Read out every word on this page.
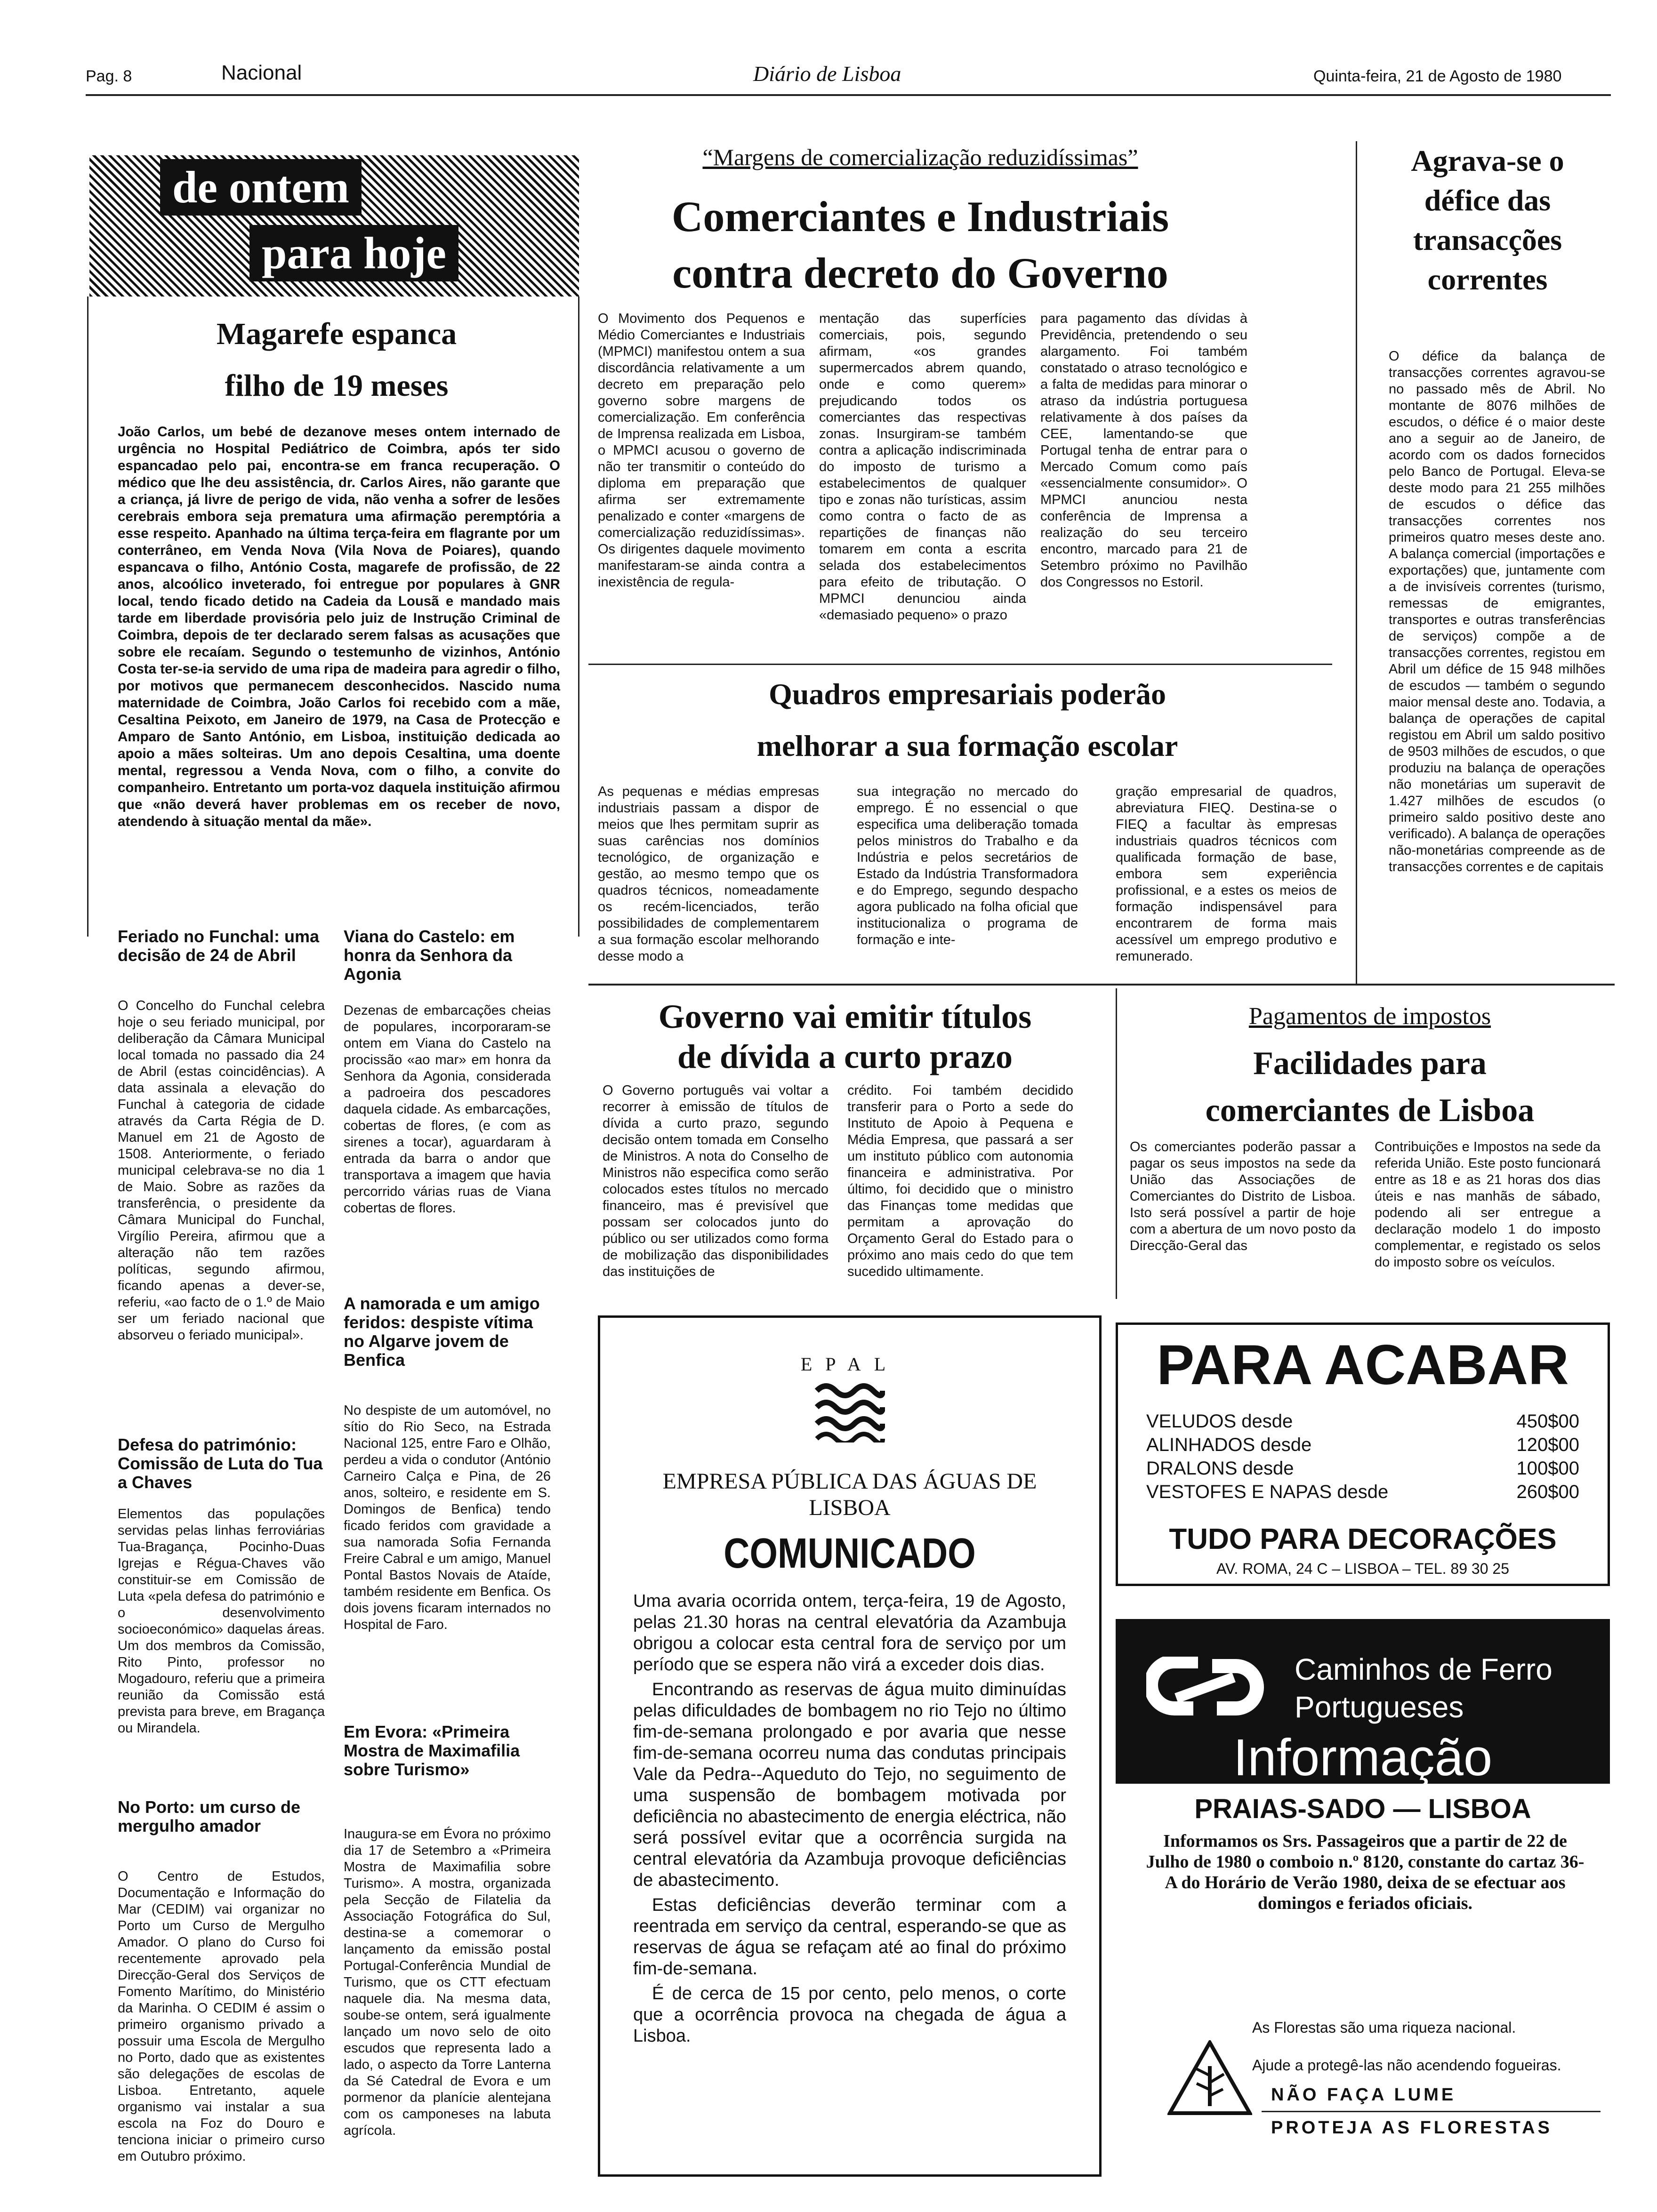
Pag. 8	Nacional	Diário de Lisboa	Quinta-feira, 21 de Agosto de 1980
de ontem
para hoje
Magarefe espanca
filho de 19 meses
João Carlos, um bebé de dezanove meses ontem internado de urgência no Hospital Pediátrico de Coimbra, após ter sido espancadao pelo pai, encontra-se em franca recuperação. O médico que lhe deu assistência, dr. Carlos Aires, não garante que a criança, já livre de perigo de vida, não venha a sofrer de lesões cerebrais embora seja prematura uma afirmação peremptória a esse respeito. Apanhado na última terça-feira em flagrante por um conterrâneo, em Venda Nova (Vila Nova de Poiares), quando espancava o filho, António Costa, magarefe de profissão, de 22 anos, alcoólico inveterado, foi entregue por populares à GNR local, tendo ficado detido na Cadeia da Lousã e mandado mais tarde em liberdade provisória pelo juiz de Instrução Criminal de Coimbra, depois de ter declarado serem falsas as acusações que sobre ele recaíam. Segundo o testemunho de vizinhos, António Costa ter-se-ia servido de uma ripa de madeira para agredir o filho, por motivos que permanecem desconhecidos. Nascido numa maternidade de Coimbra, João Carlos foi recebido com a mãe, Cesaltina Peixoto, em Janeiro de 1979, na Casa de Protecção e Amparo de Santo António, em Lisboa, instituição dedicada ao apoio a mães solteiras. Um ano depois Cesaltina, uma doente mental, regressou a Venda Nova, com o filho, a convite do companheiro. Entretanto um porta-voz daquela instituição afirmou que «não deverá haver problemas em os receber de novo, atendendo à situação mental da mãe».
Feriado no Funchal: uma decisão de 24 de Abril
O Concelho do Funchal celebra hoje o seu feriado municipal, por deliberação da Câmara Municipal local tomada no passado dia 24 de Abril (estas coincidências). A data assinala a elevação do Funchal à categoria de cidade através da Carta Régia de D. Manuel em 21 de Agosto de 1508. Anteriormente, o feriado municipal celebrava-se no dia 1 de Maio. Sobre as razões da transferência, o presidente da Câmara Municipal do Funchal, Virgílio Pereira, afirmou que a alteração não tem razões políticas, segundo afirmou, ficando apenas a dever-se, referiu, «ao facto de o 1.º de Maio ser um feriado nacional que absorveu o feriado municipal».
Defesa do património: Comissão de Luta do Tua a Chaves
Elementos das populações servidas pelas linhas ferroviárias Tua-Bragança, Pocinho-Duas Igrejas e Régua-Chaves vão constituir-se em Comissão de Luta «pela defesa do património e o desenvolvimento socioeconómico» daquelas áreas. Um dos membros da Comissão, Rito Pinto, professor no Mogadouro, referiu que a primeira reunião da Comissão está prevista para breve, em Bragança ou Mirandela.
No Porto: um curso de mergulho amador
O Centro de Estudos, Documentação e Informação do Mar (CEDIM) vai organizar no Porto um Curso de Mergulho Amador. O plano do Curso foi recentemente aprovado pela Direcção-Geral dos Serviços de Fomento Marítimo, do Ministério da Marinha. O CEDIM é assim o primeiro organismo privado a possuir uma Escola de Mergulho no Porto, dado que as existentes são delegações de escolas de Lisboa. Entretanto, aquele organismo vai instalar a sua escola na Foz do Douro e tenciona iniciar o primeiro curso em Outubro próximo.
Viana do Castelo: em honra da Senhora da Agonia
Dezenas de embarcações cheias de populares, incorporaram-se ontem em Viana do Castelo na procissão «ao mar» em honra da Senhora da Agonia, considerada a padroeira dos pescadores daquela cidade. As embarcações, cobertas de flores, (e com as sirenes a tocar), aguardaram à entrada da barra o andor que transportava a imagem que havia percorrido várias ruas de Viana cobertas de flores.
A namorada e um amigo feridos: despiste vítima no Algarve jovem de Benfica
No despiste de um automóvel, no sítio do Rio Seco, na Estrada Nacional 125, entre Faro e Olhão, perdeu a vida o condutor (António Carneiro Calça e Pina, de 26 anos, solteiro, e residente em S. Domingos de Benfica) tendo ficado feridos com gravidade a sua namorada Sofia Fernanda Freire Cabral e um amigo, Manuel Pontal Bastos Novais de Ataíde, também residente em Benfica. Os dois jovens ficaram internados no Hospital de Faro.
Em Evora: «Primeira Mostra de Maximafilia sobre Turismo»
Inaugura-se em Évora no próximo dia 17 de Setembro a «Primeira Mostra de Maximafilia sobre Turismo». A mostra, organizada pela Secção de Filatelia da Associação Fotográfica do Sul, destina-se a comemorar o lançamento da emissão postal Portugal-Conferência Mundial de Turismo, que os CTT efectuam naquele dia. Na mesma data, soube-se ontem, será igualmente lançado um novo selo de oito escudos que representa lado a lado, o aspecto da Torre Lanterna da Sé Catedral de Evora e um pormenor da planície alentejana com os camponeses na labuta agrícola.
“Margens de comercialização reduzidíssimas”
Comerciantes e Industriais
contra decreto do Governo
O Movimento dos Pequenos e Médio Comerciantes e Industriais (MPMCI) manifestou ontem a sua discordância relativamente a um decreto em preparação pelo governo sobre margens de comercialização. Em conferência de Imprensa realizada em Lisboa, o MPMCI acusou o governo de não ter transmitir o conteúdo do diploma em preparação que afirma ser extremamente penalizado e conter «margens de comercialização reduzidíssimas». Os dirigentes daquele movimento manifestaram-se ainda contra a inexistência de regula-
mentação das superfícies comerciais, pois, segundo afirmam, «os grandes supermercados abrem quando, onde e como querem» prejudicando todos os comerciantes das respectivas zonas. Insurgiram-se também contra a aplicação indiscriminada do imposto de turismo a estabelecimentos de qualquer tipo e zonas não turísticas, assim como contra o facto de as repartições de finanças não tomarem em conta a escrita selada dos estabelecimentos para efeito de tributação. O MPMCI denunciou ainda «demasiado pequeno» o prazo
para pagamento das dívidas à Previdência, pretendendo o seu alargamento. Foi também constatado o atraso tecnológico e a falta de medidas para minorar o atraso da indústria portuguesa relativamente à dos países da CEE, lamentando-se que Portugal tenha de entrar para o Mercado Comum como país «essencialmente consumidor». O MPMCI anunciou nesta conferência de Imprensa a realização do seu terceiro encontro, marcado para 21 de Setembro próximo no Pavilhão dos Congressos no Estoril.
Quadros empresariais poderão
melhorar a sua formação escolar
As pequenas e médias empresas industriais passam a dispor de meios que lhes permitam suprir as suas carências nos domínios tecnológico, de organização e gestão, ao mesmo tempo que os quadros técnicos, nomeadamente os recém-licenciados, terão possibilidades de complementarem a sua formação escolar melhorando desse modo a
sua integração no mercado do emprego. É no essencial o que especifica uma deliberação tomada pelos ministros do Trabalho e da Indústria e pelos secretários de Estado da Indústria Transformadora e do Emprego, segundo despacho agora publicado na folha oficial que institucionaliza o programa de formação e inte-
gração empresarial de quadros, abreviatura FIEQ. Destina-se o FIEQ a facultar às empresas industriais quadros técnicos com qualificada formação de base, embora sem experiência profissional, e a estes os meios de formação indispensável para encontrarem de forma mais acessível um emprego produtivo e remunerado.
Agrava-se o défice das transacções correntes
O défice da balança de transacções correntes agravou-se no passado mês de Abril. No montante de 8076 milhões de escudos, o défice é o maior deste ano a seguir ao de Janeiro, de acordo com os dados fornecidos pelo Banco de Portugal. Eleva-se deste modo para 21 255 milhões de escudos o défice das transacções correntes nos primeiros quatro meses deste ano. A balança comercial (importações e exportações) que, juntamente com a de invisíveis correntes (turismo, remessas de emigrantes, transportes e outras transferências de serviços) compõe a de transacções correntes, registou em Abril um défice de 15 948 milhões de escudos — também o segundo maior mensal deste ano. Todavia, a balança de operações de capital registou em Abril um saldo positivo de 9503 milhões de escudos, o que produziu na balança de operações não monetárias um superavit de 1.427 milhões de escudos (o primeiro saldo positivo deste ano verificado). A balança de operações não-monetárias compreende as de transacções correntes e de capitais
Governo vai emitir títulos
de dívida a curto prazo
O Governo português vai voltar a recorrer à emissão de títulos de dívida a curto prazo, segundo decisão ontem tomada em Conselho de Ministros. A nota do Conselho de Ministros não especifica como serão colocados estes títulos no mercado financeiro, mas é previsível que possam ser colocados junto do público ou ser utilizados como forma de mobilização das disponibilidades das instituições de
crédito. Foi também decidido transferir para o Porto a sede do Instituto de Apoio à Pequena e Média Empresa, que passará a ser um instituto público com autonomia financeira e administrativa. Por último, foi decidido que o ministro das Finanças tome medidas que permitam a aprovação do Orçamento Geral do Estado para o próximo ano mais cedo do que tem sucedido ultimamente.
Pagamentos de impostos
Facilidades para
comerciantes de Lisboa
Os comerciantes poderão passar a pagar os seus impostos na sede da União das Associações de Comerciantes do Distrito de Lisboa. Isto será possível a partir de hoje com a abertura de um novo posto da Direcção-Geral das
Contribuições e Impostos na sede da referida União. Este posto funcionará entre as 18 e as 21 horas dos dias úteis e nas manhãs de sábado, podendo ali ser entregue a declaração modelo 1 do imposto complementar, e registado os selos do imposto sobre os veículos.
EPAL
EMPRESA PÚBLICA DAS ÁGUAS DE LISBOA
COMUNICADO

Uma avaria ocorrida ontem, terça-feira, 19 de Agosto, pelas 21.30 horas na central elevatória da Azambuja obrigou a colocar esta central fora de serviço por um período que se espera não virá a exceder dois dias.

Encontrando as reservas de água muito diminuídas pelas dificuldades de bombagem no rio Tejo no último fim-de-semana prolongado e por avaria que nesse fim-de-semana ocorreu numa das condutas principais Vale da Pedra--Aqueduto do Tejo, no seguimento de uma suspensão de bombagem motivada por deficiência no abastecimento de energia eléctrica, não será possível evitar que a ocorrência surgida na central elevatória da Azambuja provoque deficiências de abastecimento.

Estas deficiências deverão terminar com a reentrada em serviço da central, esperando-se que as reservas de água se refaçam até ao final do próximo fim-de-semana.

É de cerca de 15 por cento, pelo menos, o corte que a ocorrência provoca na chegada de água a Lisboa.

PARA ACABAR
VELUDOS desde	450$00
ALINHADOS desde	120$00
DRALONS desde	100$00
VESTOFES E NAPAS desde	260$00
TUDO PARA DECORAÇÕES
AV. ROMA, 24 C – LISBOA – TEL. 89 30 25
Caminhos de Ferro
Portugueses
Informação
PRAIAS-SADO — LISBOA
Informamos os Srs. Passageiros que a partir de 22 de Julho de 1980 o comboio n.º 8120, constante do cartaz 36-A do Horário de Verão 1980, deixa de se efectuar aos domingos e feriados oficiais.
As Florestas são uma riqueza nacional.
Ajude a protegê-las não acendendo fogueiras.
NÃO FAÇA LUME
PROTEJA AS FLORESTAS
